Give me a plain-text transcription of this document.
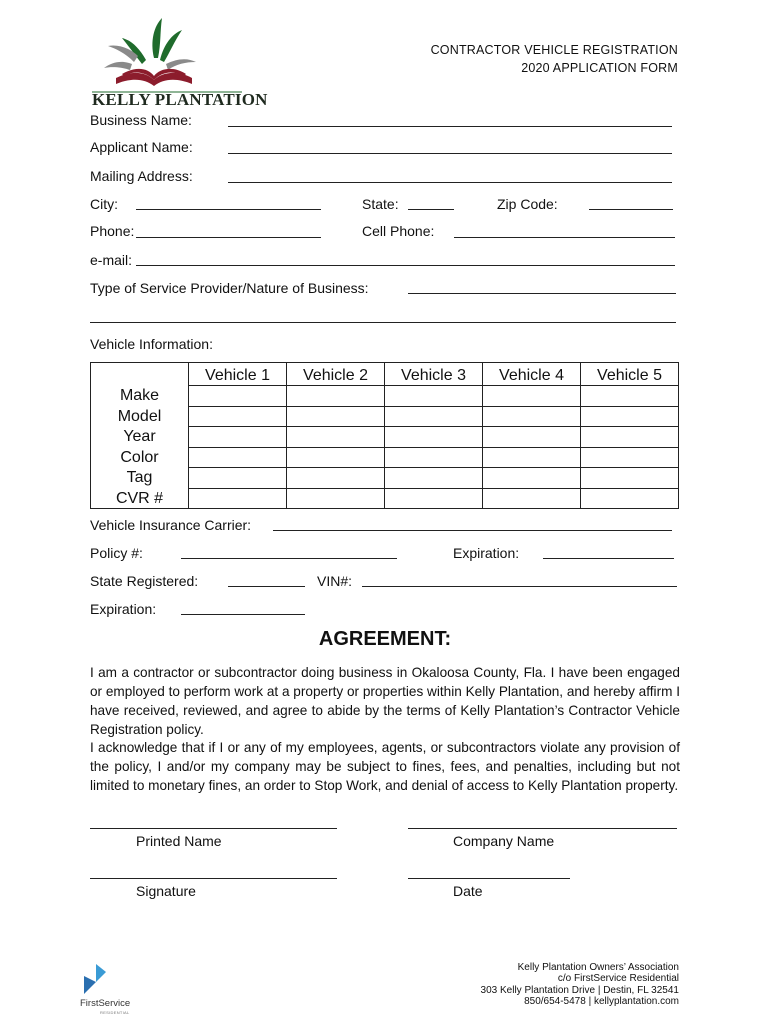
KELLY PLANTATION
CONTRACTOR VEHICLE REGISTRATION
2020 APPLICATION FORM
Business Name:
Applicant Name:
Mailing Address:
City:	State:	Zip Code:
Phone:	Cell Phone:
e-mail:
Type of Service Provider/Nature of Business:
Vehicle Information:
	Vehicle 1	Vehicle 2	Vehicle 3	Vehicle 4	Vehicle 5
Make					
Model					
Year					
Color					
Tag					
CVR #					
Vehicle Insurance Carrier:
Policy #:	Expiration:
State Registered:	VIN#:
Expiration:
AGREEMENT:
I am a contractor or subcontractor doing business in Okaloosa County, Fla. I have been engaged or employed to perform work at a property or properties within Kelly Plantation, and hereby affirm I have received, reviewed, and agree to abide by the terms of Kelly Plantation’s Contractor Vehicle Registration policy.
I acknowledge that if I or any of my employees, agents, or subcontractors violate any provision of the policy, I and/or my company may be subject to fines, fees, and penalties, including but not limited to monetary fines, an order to Stop Work, and denial of access to Kelly Plantation property.
Printed Name	Company Name
Signature	Date
FirstService
RESIDENTIAL
Kelly Plantation Owners’ Association
c/o FirstService Residential
303 Kelly Plantation Drive | Destin, FL 32541
850/654-5478 | kellyplantation.com
